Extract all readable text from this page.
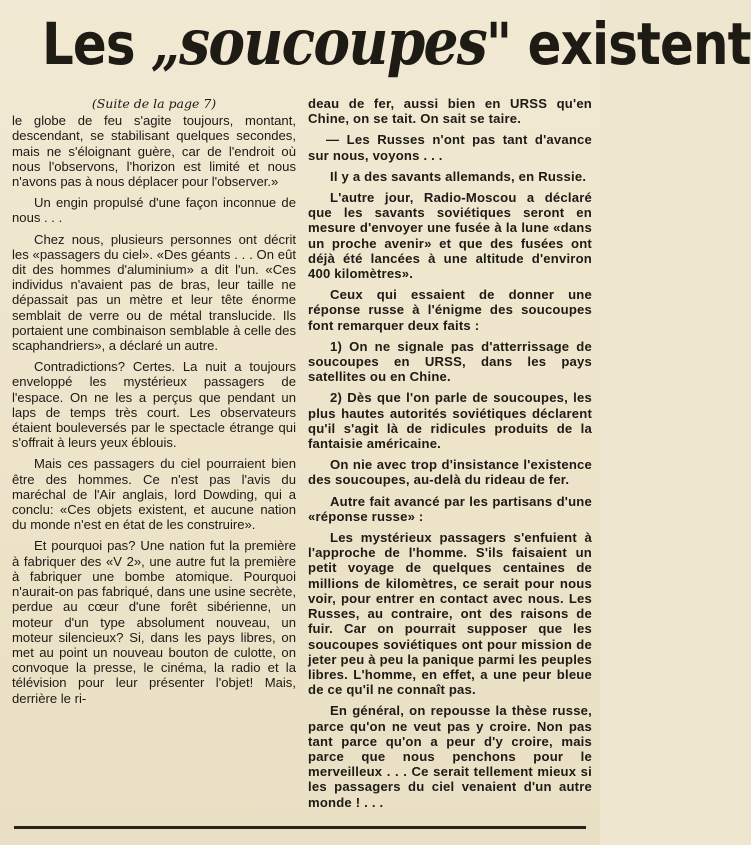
Les „soucoupes" existent
(Suite de la page 7)

le globe de feu s'agite toujours, montant, descendant, se stabilisant quelques secondes, mais ne s'éloignant guère, car de l'endroit où nous l'observons, l'horizon est limité et nous n'avons pas à nous déplacer pour l'observer.»

Un engin propulsé d'une façon inconnue de nous . . .

Chez nous, plusieurs personnes ont décrit les «passagers du ciel». «Des géants . . . On eût dit des hommes d'aluminium» a dit l'un. «Ces individus n'avaient pas de bras, leur taille ne dépassait pas un mètre et leur tête énorme semblait de verre ou de métal translucide. Ils portaient une combinaison semblable à celle des scaphandriers», a déclaré un autre.

Contradictions? Certes. La nuit a toujours enveloppé les mystérieux passagers de l'espace. On ne les a perçus que pendant un laps de temps très court. Les observateurs étaient bouleversés par le spectacle étrange qui s'offrait à leurs yeux éblouis.

Mais ces passagers du ciel pourraient bien être des hommes. Ce n'est pas l'avis du maréchal de l'Air anglais, lord Dowding, qui a conclu: «Ces objets existent, et aucune nation du monde n'est en état de les construire».

Et pourquoi pas? Une nation fut la première à fabriquer des «V 2», une autre fut la première à fabriquer une bombe atomique. Pourquoi n'aurait-on pas fabriqué, dans une usine secrète, perdue au cœur d'une forêt sibérienne, un moteur d'un type absolument nouveau, un moteur silencieux? Si, dans les pays libres, on met au point un nouveau bouton de culotte, on convoque la presse, le cinéma, la radio et la télévision pour leur présenter l'objet! Mais, derrière le ri-

deau de fer, aussi bien en URSS qu'en Chine, on se tait. On sait se taire.

— Les Russes n'ont pas tant d'avance sur nous, voyons . . .

Il y a des savants allemands, en Russie.

L'autre jour, Radio-Moscou a déclaré que les savants soviétiques seront en mesure d'envoyer une fusée à la lune «dans un proche avenir» et que des fusées ont déjà été lancées à une altitude d'environ 400 kilomètres».

Ceux qui essaient de donner une réponse russe à l'énigme des soucoupes font remarquer deux faits :

1) On ne signale pas d'atterrissage de soucoupes en URSS, dans les pays satellites ou en Chine.

2) Dès que l'on parle de soucoupes, les plus hautes autorités soviétiques déclarent qu'il s'agit là de ridicules produits de la fantaisie américaine.

On nie avec trop d'insistance l'existence des soucoupes, au-delà du rideau de fer.

Autre fait avancé par les partisans d'une «réponse russe» :

Les mystérieux passagers s'enfuient à l'approche de l'homme. S'ils faisaient un petit voyage de quelques centaines de millions de kilomètres, ce serait pour nous voir, pour entrer en contact avec nous. Les Russes, au contraire, ont des raisons de fuir. Car on pourrait supposer que les soucoupes soviétiques ont pour mission de jeter peu à peu la panique parmi les peuples libres. L'homme, en effet, a une peur bleue de ce qu'il ne connaît pas.

En général, on repousse la thèse russe, parce qu'on ne veut pas y croire. Non pas tant parce qu'on a peur d'y croire, mais parce que nous penchons pour le merveilleux . . . Ce serait tellement mieux si les passagers du ciel venaient d'un autre monde ! . . .
